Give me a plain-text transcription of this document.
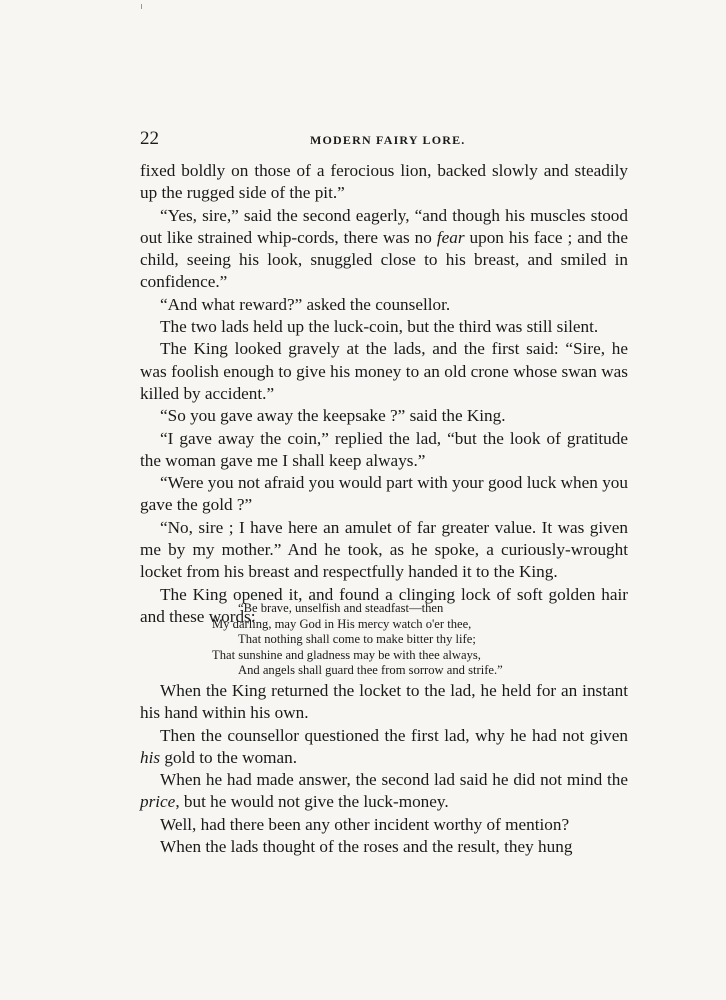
22	MODERN FAIRY LORE.

fixed boldly on those of a ferocious lion, backed slowly and steadily up the rugged side of the pit.”

“Yes, sire,” said the second eagerly, “and though his muscles stood out like strained whip-cords, there was no fear upon his face ; and the child, seeing his look, snuggled close to his breast, and smiled in confidence.”

“And what reward?” asked the counsellor.

The two lads held up the luck-coin, but the third was still silent.

The King looked gravely at the lads, and the first said: “Sire, he was foolish enough to give his money to an old crone whose swan was killed by accident.”

“So you gave away the keepsake ?” said the King.

“I gave away the coin,” replied the lad, “but the look of gratitude the woman gave me I shall keep always.”

“Were you not afraid you would part with your good luck when you gave the gold ?”

“No, sire ; I have here an amulet of far greater value. It was given me by my mother.” And he took, as he spoke, a curiously-wrought locket from his breast and respectfully handed it to the King.

The King opened it, and found a clinging lock of soft golden hair and these words:

“Be brave, unselfish and steadfast—then
My darling, may God in His mercy watch o'er thee,
That nothing shall come to make bitter thy life;
That sunshine and gladness may be with thee always,
And angels shall guard thee from sorrow and strife.”

When the King returned the locket to the lad, he held for an instant his hand within his own.

Then the counsellor questioned the first lad, why he had not given his gold to the woman.

When he had made answer, the second lad said he did not mind the price, but he would not give the luck-money.

Well, had there been any other incident worthy of mention?

When the lads thought of the roses and the result, they hung
